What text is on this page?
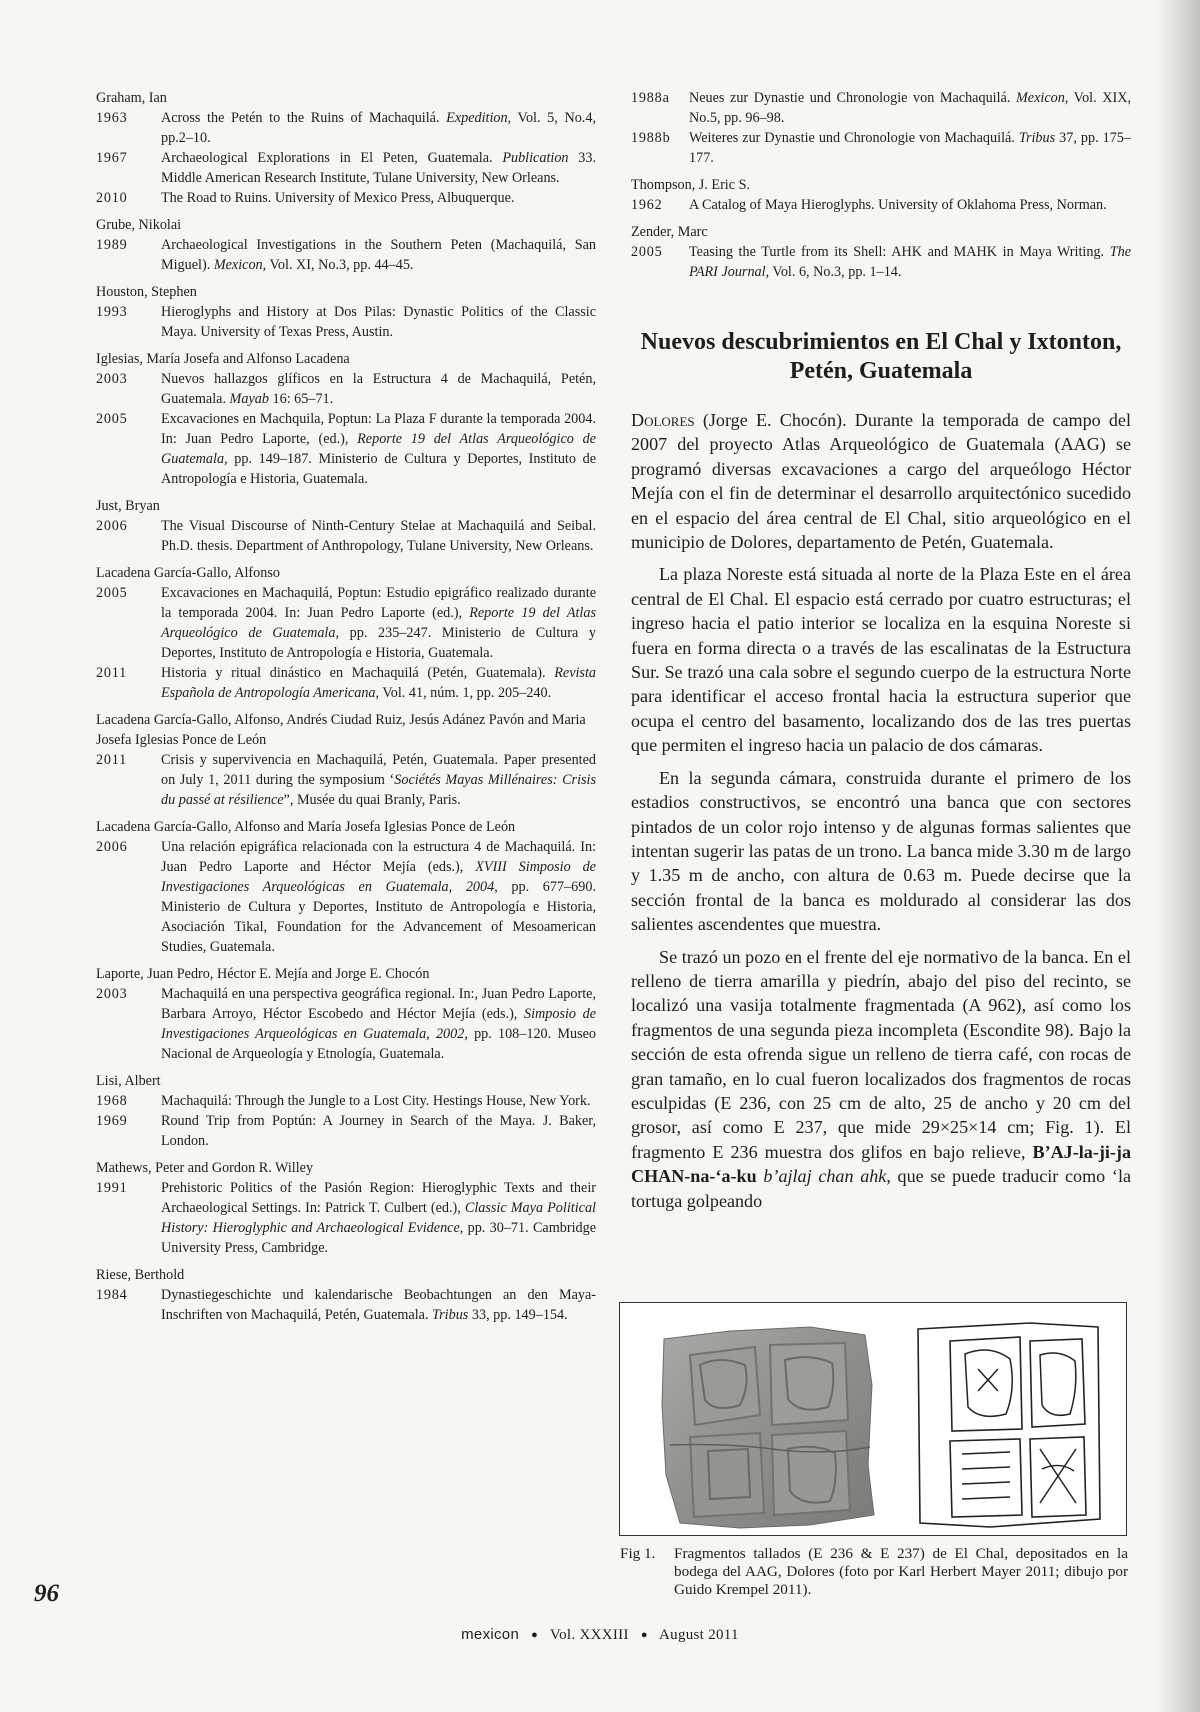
Graham, Ian
1963	Across the Petén to the Ruins of Machaquilá. Expedition, Vol. 5, No.4, pp.2–10.
1967	Archaeological Explorations in El Peten, Guatemala. Publication 33. Middle American Research Institute, Tulane University, New Orleans.
2010	The Road to Ruins. University of Mexico Press, Albuquerque.
Grube, Nikolai
1989	Archaeological Investigations in the Southern Peten (Machaquilá, San Miguel). Mexicon, Vol. XI, No.3, pp. 44–45.
Houston, Stephen
1993	Hieroglyphs and History at Dos Pilas: Dynastic Politics of the Classic Maya. University of Texas Press, Austin.
Iglesias, María Josefa and Alfonso Lacadena
2003	Nuevos hallazgos glíficos en la Estructura 4 de Machaquilá, Petén, Guatemala. Mayab 16: 65–71.
2005	Excavaciones en Machquila, Poptun: La Plaza F durante la temporada 2004. In: Juan Pedro Laporte, (ed.), Reporte 19 del Atlas Arqueológico de Guatemala, pp. 149–187. Ministerio de Cultura y Deportes, Instituto de Antropología e Historia, Guatemala.
Just, Bryan
2006	The Visual Discourse of Ninth-Century Stelae at Machaquilá and Seibal. Ph.D. thesis. Department of Anthropology, Tulane University, New Orleans.
Lacadena García-Gallo, Alfonso
2005	Excavaciones en Machaquilá, Poptun: Estudio epigráfico realizado durante la temporada 2004. In: Juan Pedro Laporte (ed.), Reporte 19 del Atlas Arqueológico de Guatemala, pp. 235–247. Ministerio de Cultura y Deportes, Instituto de Antropología e Historia, Guatemala.
2011	Historia y ritual dinástico en Machaquilá (Petén, Guatemala). Revista Española de Antropología Americana, Vol. 41, núm. 1, pp. 205–240.
Lacadena García-Gallo, Alfonso, Andrés Ciudad Ruiz, Jesús Adánez Pavón and Maria Josefa Iglesias Ponce de León
2011	Crisis y supervivencia en Machaquilá, Petén, Guatemala. Paper presented on July 1, 2011 during the symposium ‘Sociétés Mayas Millénaires: Crisis du passé at résilience”, Musée du quai Branly, Paris.
Lacadena García-Gallo, Alfonso and María Josefa Iglesias Ponce de León
2006	Una relación epigráfica relacionada con la estructura 4 de Machaquilá. In: Juan Pedro Laporte and Héctor Mejía (eds.), XVIII Simposio de Investigaciones Arqueológicas en Guatemala, 2004, pp. 677–690. Ministerio de Cultura y Deportes, Instituto de Antropología e Historia, Asociación Tikal, Foundation for the Advancement of Mesoamerican Studies, Guatemala.
Laporte, Juan Pedro, Héctor E. Mejía and Jorge E. Chocón
2003	Machaquilá en una perspectiva geográfica regional. In:, Juan Pedro Laporte, Barbara Arroyo, Héctor Escobedo and Héctor Mejía (eds.), Simposio de Investigaciones Arqueológicas en Guatemala, 2002, pp. 108–120. Museo Nacional de Arqueología y Etnología, Guatemala.
Lisi, Albert
1968	Machaquilá: Through the Jungle to a Lost City. Hestings House, New York.
1969	Round Trip from Poptún: A Journey in Search of the Maya. J. Baker, London.
Mathews, Peter and Gordon R. Willey
1991	Prehistoric Politics of the Pasión Region: Hieroglyphic Texts and their Archaeological Settings. In: Patrick T. Culbert (ed.), Classic Maya Political History: Hieroglyphic and Archaeological Evidence, pp. 30–71. Cambridge University Press, Cambridge.
Riese, Berthold
1984	Dynastiegeschichte und kalendarische Beobachtungen an den Maya-Inschriften von Machaquilá, Petén, Guatemala. Tribus 33, pp. 149–154.
1988a	Neues zur Dynastie und Chronologie von Machaquilá. Mexicon, Vol. XIX, No.5, pp. 96–98.
1988b	Weiteres zur Dynastie und Chronologie von Machaquilá. Tribus 37, pp. 175–177.
Thompson, J. Eric S.
1962	A Catalog of Maya Hieroglyphs. University of Oklahoma Press, Norman.
Zender, Marc
2005	Teasing the Turtle from its Shell: AHK and MAHK in Maya Writing. The PARI Journal, Vol. 6, No.3, pp. 1–14.
Nuevos descubrimientos en El Chal y Ixtonton, Petén, Guatemala

Dolores (Jorge E. Chocón). Durante la temporada de campo del 2007 del proyecto Atlas Arqueológico de Guatemala (AAG) se programó diversas excavaciones a cargo del arqueólogo Héctor Mejía con el fin de determinar el desarrollo arquitectónico sucedido en el espacio del área central de El Chal, sitio arqueológico en el municipio de Dolores, departamento de Petén, Guatemala.

La plaza Noreste está situada al norte de la Plaza Este en el área central de El Chal. El espacio está cerrado por cuatro estructuras; el ingreso hacia el patio interior se localiza en la esquina Noreste si fuera en forma directa o a través de las escalinatas de la Estructura Sur. Se trazó una cala sobre el segundo cuerpo de la estructura Norte para identificar el acceso frontal hacia la estructura superior que ocupa el centro del basamento, localizando dos de las tres puertas que permiten el ingreso hacia un palacio de dos cámaras.

En la segunda cámara, construida durante el primero de los estadios constructivos, se encontró una banca que con sectores pintados de un color rojo intenso y de algunas formas salientes que intentan sugerir las patas de un trono. La banca mide 3.30 m de largo y 1.35 m de ancho, con altura de 0.63 m. Puede decirse que la sección frontal de la banca es moldurado al considerar las dos salientes ascendentes que muestra.

Se trazó un pozo en el frente del eje normativo de la banca. En el relleno de tierra amarilla y piedrín, abajo del piso del recinto, se localizó una vasija totalmente fragmentada (A 962), así como los fragmentos de una segunda pieza incompleta (Escondite 98). Bajo la sección de esta ofrenda sigue un relleno de tierra café, con rocas de gran tamaño, en lo cual fueron localizados dos fragmentos de rocas esculpidas (E 236, con 25 cm de alto, 25 de ancho y 20 cm del grosor, así como E 237, que mide 29×25×14 cm; Fig. 1). El fragmento E 236 muestra dos glifos en bajo relieve, B’AJ-la-ji-ja CHAN-na-‘a-ku b’ajlaj chan ahk, que se puede traducir como ‘la tortuga golpeando

Fig 1.	Fragmentos tallados (E 236 & E 237) de El Chal, depositados en la bodega del AAG, Dolores (foto por Karl Herbert Mayer 2011; dibujo por Guido Krempel 2011).
96
mexicon ● Vol. XXXIII ● August 2011
